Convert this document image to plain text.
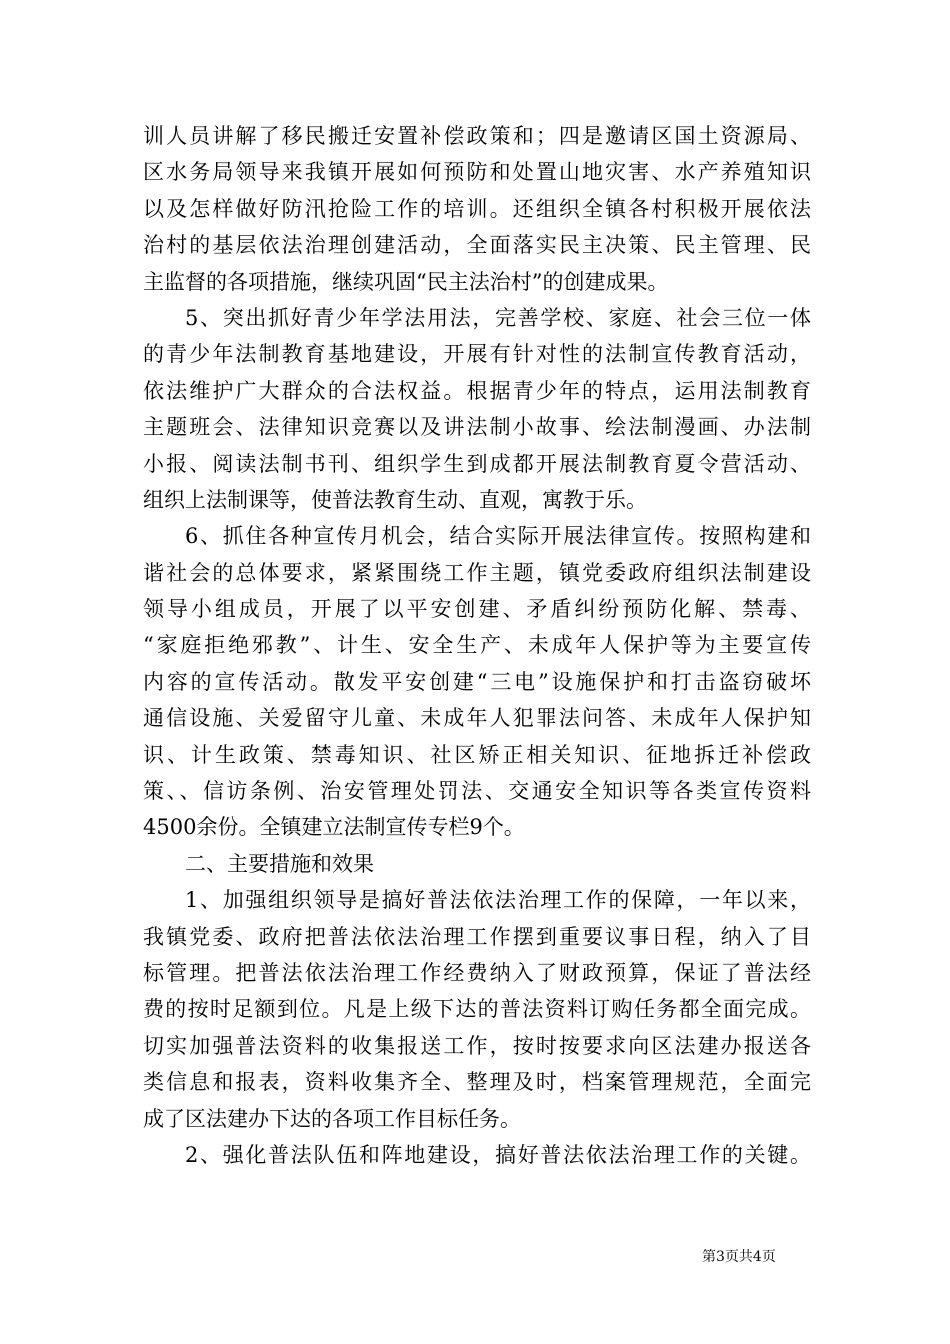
训人员讲解了移民搬迁安置补偿政策和；四是邀请区国土资源局、
区水务局领导来我镇开展如何预防和处置山地灾害、水产养殖知识
以及怎样做好防汛抢险工作的培训。还组织全镇各村积极开展依法
治村的基层依法治理创建活动，全面落实民主决策、民主管理、民
主监督的各项措施，继续巩固“民主法治村”的创建成果。
5、突出抓好青少年学法用法，完善学校、家庭、社会三位一体
的青少年法制教育基地建设，开展有针对性的法制宣传教育活动，
依法维护广大群众的合法权益。根据青少年的特点，运用法制教育
主题班会、法律知识竞赛以及讲法制小故事、绘法制漫画、办法制
小报、阅读法制书刊、组织学生到成都开展法制教育夏令营活动、
组织上法制课等，使普法教育生动、直观，寓教于乐。
6、抓住各种宣传月机会，结合实际开展法律宣传。按照构建和
谐社会的总体要求，紧紧围绕工作主题，镇党委政府组织法制建设
领导小组成员，开展了以平安创建、矛盾纠纷预防化解、禁毒、
“家庭拒绝邪教”、计生、安全生产、未成年人保护等为主要宣传
内容的宣传活动。散发平安创建“三电”设施保护和打击盗窃破坏
通信设施、关爱留守儿童、未成年人犯罪法问答、未成年人保护知
识、计生政策、禁毒知识、社区矫正相关知识、征地拆迁补偿政
策、、信访条例、治安管理处罚法、交通安全知识等各类宣传资料
4500余份。全镇建立法制宣传专栏9个。
二、主要措施和效果
1、加强组织领导是搞好普法依法治理工作的保障，一年以来，
我镇党委、政府把普法依法治理工作摆到重要议事日程，纳入了目
标管理。把普法依法治理工作经费纳入了财政预算，保证了普法经
费的按时足额到位。凡是上级下达的普法资料订购任务都全面完成。
切实加强普法资料的收集报送工作，按时按要求向区法建办报送各
类信息和报表，资料收集齐全、整理及时，档案管理规范，全面完
成了区法建办下达的各项工作目标任务。
2、强化普法队伍和阵地建设，搞好普法依法治理工作的关键。
第3页共4页
